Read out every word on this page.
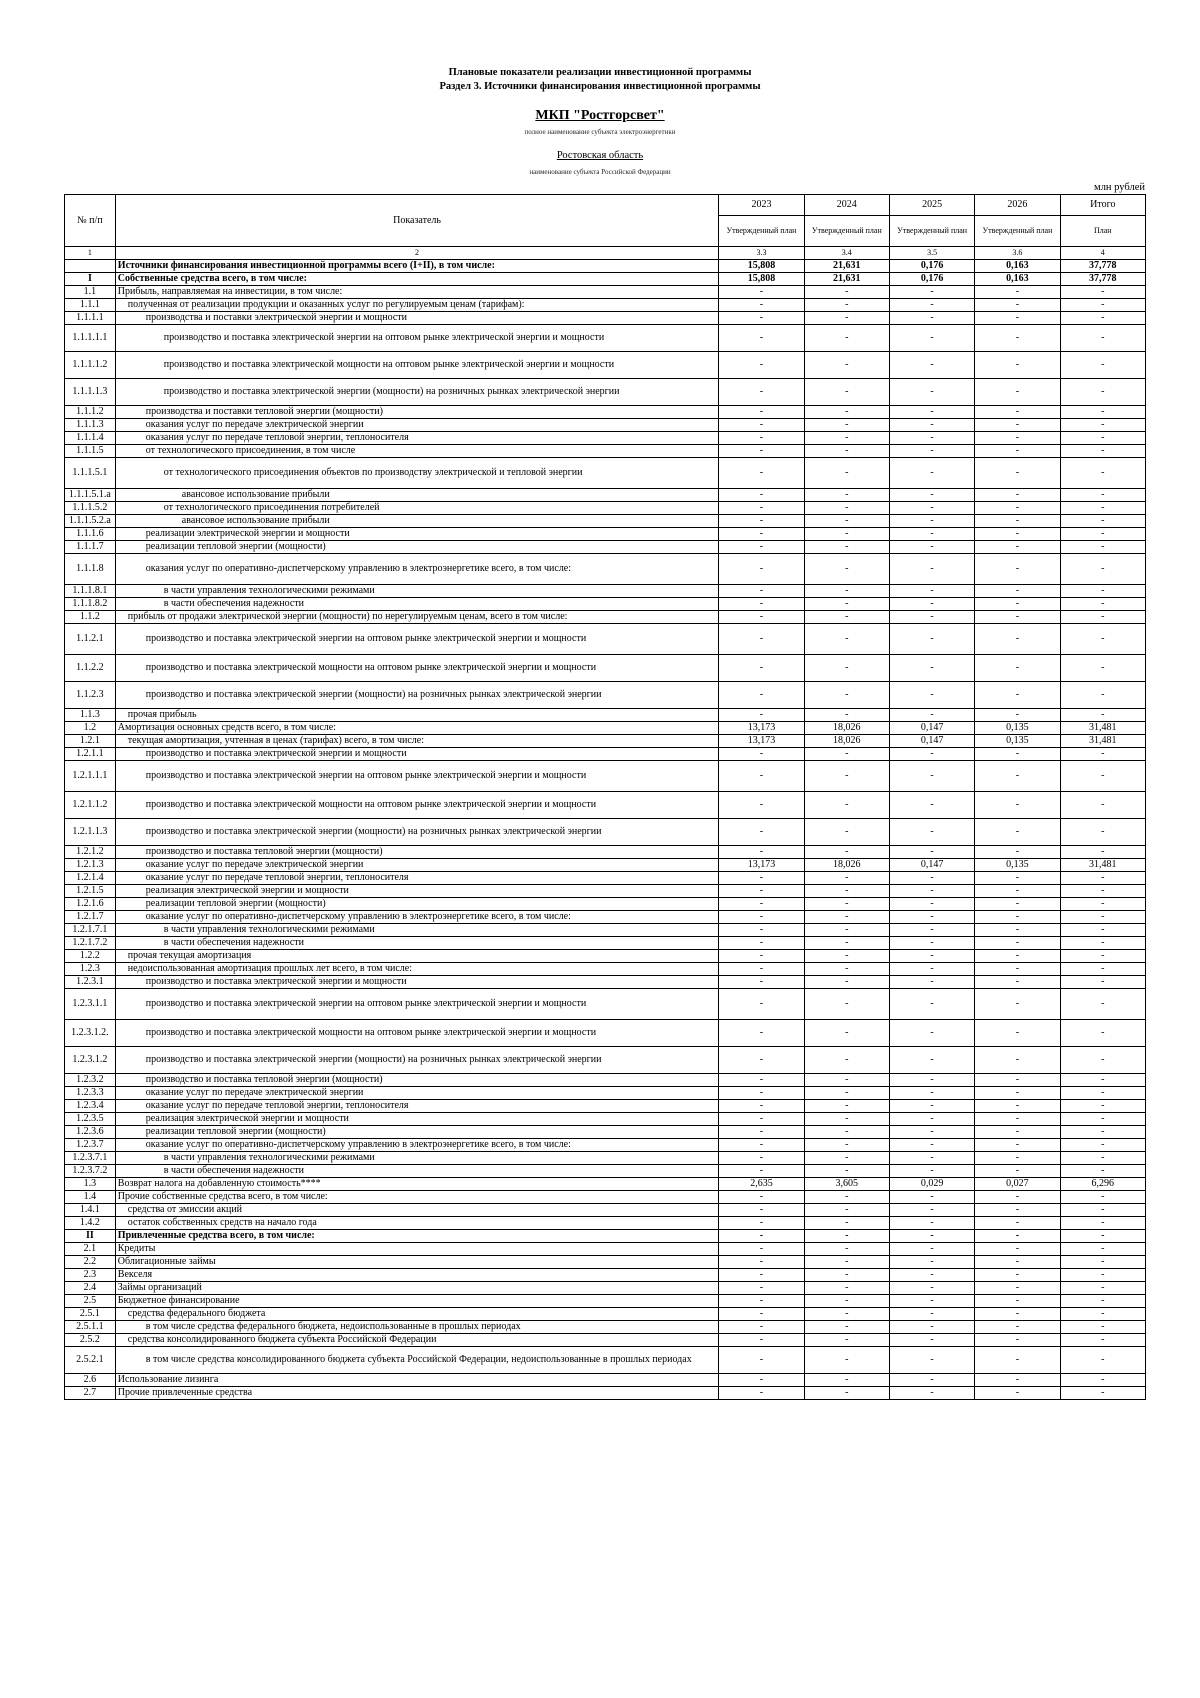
Плановые показатели реализации инвестиционной программы
Раздел 3. Источники финансирования инвестиционной программы
МКП "Ростгорсвет"
полное наименование субъекта электроэнергетики
Ростовская область
наименование субъекта Российской Федерации
млн рублей
№ п/п	Показатель	2023	2024	2025	2026	Итого
		Утвержденный план	Утвержденный план	Утвержденный план	Утвержденный план	План
1	2	3.3	3.4	3.5	3.6	4
	Источники финансирования инвестиционной программы всего (I+II), в том числе:	15,808	21,631	0,176	0,163	37,778
I	Собственные средства всего, в том числе:	15,808	21,631	0,176	0,163	37,778
1.1	Прибыль, направляемая на инвестиции, в том числе:	-	-	-	-	-
1.1.1	полученная от реализации продукции и оказанных услуг по регулируемым ценам (тарифам):	-	-	-	-	-
1.1.1.1	производства и поставки электрической энергии и мощности	-	-	-	-	-
1.1.1.1.1	производство и поставка электрической энергии на оптовом рынке электрической энергии и мощности	-	-	-	-	-
1.1.1.1.2	производство и поставка электрической мощности на оптовом рынке электрической энергии и мощности	-	-	-	-	-
1.1.1.1.3	производство и поставка электрической энергии (мощности) на розничных рынках электрической энергии	-	-	-	-	-
1.1.1.2	производства и поставки тепловой энергии (мощности)	-	-	-	-	-
1.1.1.3	оказания услуг по передаче электрической энергии	-	-	-	-	-
1.1.1.4	оказания услуг по передаче тепловой энергии, теплоносителя	-	-	-	-	-
1.1.1.5	от технологического присоединения, в том числе	-	-	-	-	-
1.1.1.5.1	от технологического присоединения объектов по производству электрической и тепловой энергии	-	-	-	-	-
1.1.1.5.1.a	авансовое использование прибыли	-	-	-	-	-
1.1.1.5.2	от технологического присоединения потребителей	-	-	-	-	-
1.1.1.5.2.a	авансовое использование прибыли	-	-	-	-	-
1.1.1.6	реализации электрической энергии и мощности	-	-	-	-	-
1.1.1.7	реализации тепловой энергии (мощности)	-	-	-	-	-
1.1.1.8	оказания услуг по оперативно-диспетчерскому управлению в электроэнергетике всего, в том числе:	-	-	-	-	-
1.1.1.8.1	в части управления технологическими режимами	-	-	-	-	-
1.1.1.8.2	в части обеспечения надежности	-	-	-	-	-
1.1.2	прибыль от продажи электрической энергии (мощности) по нерегулируемым ценам, всего в том числе:	-	-	-	-	-
1.1.2.1	производство и поставка электрической энергии на оптовом рынке электрической энергии и мощности	-	-	-	-	-
1.1.2.2	производство и поставка электрической мощности на оптовом рынке электрической энергии и мощности	-	-	-	-	-
1.1.2.3	производство и поставка электрической энергии (мощности) на розничных рынках электрической энергии	-	-	-	-	-
1.1.3	прочая прибыль	-	-	-	-	-
1.2	Амортизация основных средств всего, в том числе:	13,173	18,026	0,147	0,135	31,481
1.2.1	текущая амортизация, учтенная в ценах (тарифах) всего, в том числе:	13,173	18,026	0,147	0,135	31,481
1.2.1.1	производство и поставка электрической энергии и мощности	-	-	-	-	-
1.2.1.1.1	производство и поставка электрической энергии на оптовом рынке электрической энергии и мощности	-	-	-	-	-
1.2.1.1.2	производство и поставка электрической мощности на оптовом рынке электрической энергии и мощности	-	-	-	-	-
1.2.1.1.3	производство и поставка электрической энергии (мощности) на розничных рынках электрической энергии	-	-	-	-	-
1.2.1.2	производство и поставка тепловой энергии (мощности)	-	-	-	-	-
1.2.1.3	оказание услуг по передаче электрической энергии	13,173	18,026	0,147	0,135	31,481
1.2.1.4	оказание услуг по передаче тепловой энергии, теплоносителя	-	-	-	-	-
1.2.1.5	реализация электрической энергии и мощности	-	-	-	-	-
1.2.1.6	реализации тепловой энергии (мощности)	-	-	-	-	-
1.2.1.7	оказание услуг по оперативно-диспетчерскому управлению в электроэнергетике всего, в том числе:	-	-	-	-	-
1.2.1.7.1	в части управления технологическими режимами	-	-	-	-	-
1.2.1.7.2	в части обеспечения надежности	-	-	-	-	-
1.2.2	прочая текущая амортизация	-	-	-	-	-
1.2.3	недоиспользованная амортизация прошлых лет всего, в том числе:	-	-	-	-	-
1.2.3.1	производство и поставка электрической энергии и мощности	-	-	-	-	-
1.2.3.1.1	производство и поставка электрической энергии на оптовом рынке электрической энергии и мощности	-	-	-	-	-
1.2.3.1.2.	производство и поставка электрической мощности на оптовом рынке электрической энергии и мощности	-	-	-	-	-
1.2.3.1.2	производство и поставка электрической энергии (мощности) на розничных рынках электрической энергии	-	-	-	-	-
1.2.3.2	производство и поставка тепловой энергии (мощности)	-	-	-	-	-
1.2.3.3	оказание услуг по передаче электрической энергии	-	-	-	-	-
1.2.3.4	оказание услуг по передаче тепловой энергии, теплоносителя	-	-	-	-	-
1.2.3.5	реализация электрической энергии и мощности	-	-	-	-	-
1.2.3.6	реализации тепловой энергии (мощности)	-	-	-	-	-
1.2.3.7	оказание услуг по оперативно-диспетчерскому управлению в электроэнергетике всего, в том числе:	-	-	-	-	-
1.2.3.7.1	в части управления технологическими режимами	-	-	-	-	-
1.2.3.7.2	в части обеспечения надежности	-	-	-	-	-
1.3	Возврат налога на добавленную стоимость****	2,635	3,605	0,029	0,027	6,296
1.4	Прочие собственные средства всего, в том числе:	-	-	-	-	-
1.4.1	средства от эмиссии акций	-	-	-	-	-
1.4.2	остаток собственных средств на начало года	-	-	-	-	-
II	Привлеченные средства всего, в том числе:	-	-	-	-	-
2.1	Кредиты	-	-	-	-	-
2.2	Облигационные займы	-	-	-	-	-
2.3	Векселя	-	-	-	-	-
2.4	Займы организаций	-	-	-	-	-
2.5	Бюджетное финансирование	-	-	-	-	-
2.5.1	средства федерального бюджета	-	-	-	-	-
2.5.1.1	в том числе средства федерального бюджета, недоиспользованные в прошлых периодах	-	-	-	-	-
2.5.2	средства консолидированного бюджета субъекта Российской Федерации	-	-	-	-	-
2.5.2.1	в том числе средства консолидированного бюджета субъекта Российской Федерации, недоиспользованные в прошлых периодах	-	-	-	-	-
2.6	Использование лизинга	-	-	-	-	-
2.7	Прочие привлеченные средства	-	-	-	-	-
